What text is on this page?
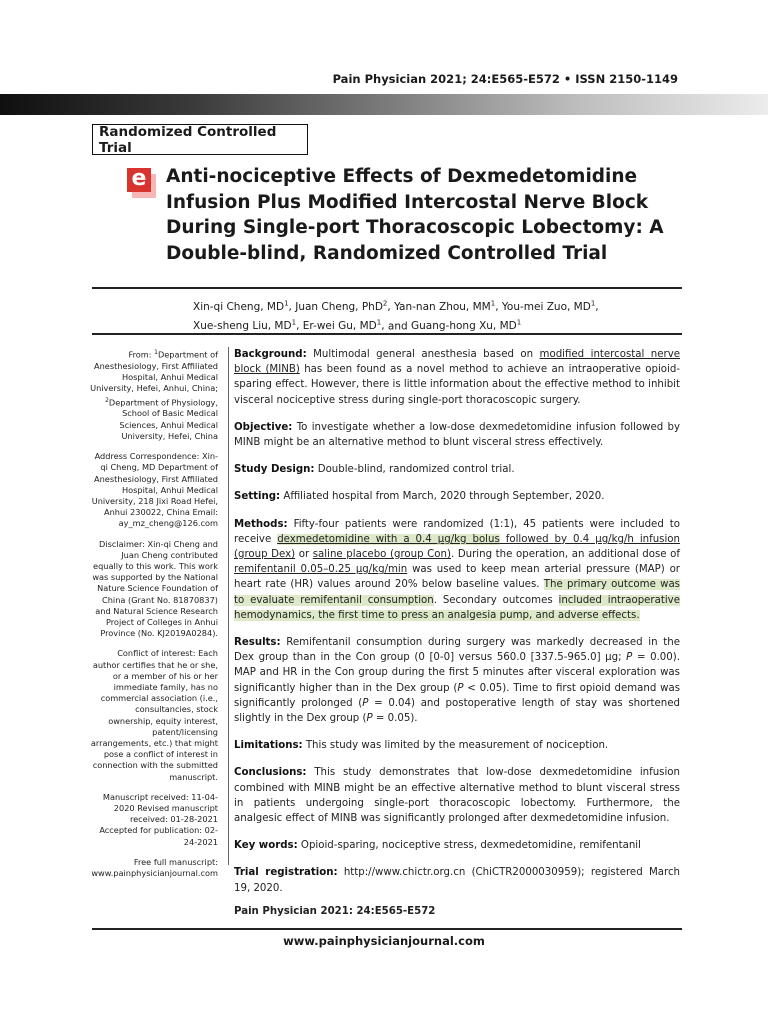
Pain Physician 2021; 24:E565-E572 • ISSN 2150-1149
Randomized Controlled Trial
e Anti-nociceptive Effects of Dexmedetomidine Infusion Plus Modified Intercostal Nerve Block During Single-port Thoracoscopic Lobectomy: A Double-blind, Randomized Controlled Trial
Xin-qi Cheng, $MD^1$, Juan Cheng, PhD$^2$, Yan-nan Zhou, $MM^1$, You-mei Zuo, $MD^1$,
Xue-sheng Liu, $MD^1$, Er-wei Gu, $MD^1$, and Guang-hong Xu, $MD^1$

From: $^1$Department of Anesthesiology, First Affiliated Hospital, Anhui Medical University, Hefei, Anhui, China; $^2$Department of Physiology, School of Basic Medical Sciences, Anhui Medical University, Hefei, China

Address Correspondence: Xin-qi Cheng, MD Department of Anesthesiology, First Affiliated Hospital, Anhui Medical University, 218 Jixi Road Hefei, Anhui 230022, China Email: ay_mz_cheng@126.com

Disclaimer: Xin-qi Cheng and Juan Cheng contributed equally to this work. This work was supported by the National Nature Science Foundation of China (Grant No. 81870837) and Natural Science Research Project of Colleges in Anhui Province (No. KJ2019A0284).

Conflict of interest: Each author certifies that he or she, or a member of his or her immediate family, has no commercial association (i.e., consultancies, stock ownership, equity interest, patent/licensing arrangements, etc.) that might pose a conflict of interest in connection with the submitted manuscript.

Manuscript received: 11-04-2020 Revised manuscript received: 01-28-2021 Accepted for publication: 02-24-2021

Free full manuscript: www.painphysicianjournal.com

Background: Multimodal general anesthesia based on modified intercostal nerve block (MINB) has been found as a novel method to achieve an intraoperative opioid-sparing effect. However, there is little information about the effective method to inhibit visceral nociceptive stress during single-port thoracoscopic surgery.

Objective: To investigate whether a low-dose dexmedetomidine infusion followed by MINB might be an alternative method to blunt visceral stress effectively.

Study Design: Double-blind, randomized control trial.

Setting: Affiliated hospital from March, 2020 through September, 2020.

Methods: Fifty-four patients were randomized (1:1), 45 patients were included to receive dexmedetomidine with a 0.4 μg/kg bolus followed by 0.4 μg/kg/h infusion (group Dex) or saline placebo (group Con). During the operation, an additional dose of remifentanil 0.05–0.25 μg/kg/min was used to keep mean arterial pressure (MAP) or heart rate (HR) values around 20% below baseline values. The primary outcome was to evaluate remifentanil consumption. Secondary outcomes included intraoperative hemodynamics, the first time to press an analgesia pump, and adverse effects.

Results: Remifentanil consumption during surgery was markedly decreased in the Dex group than in the Con group (0 [0-0] versus 560.0 [337.5-965.0] μg; P = 0.00). MAP and HR in the Con group during the first 5 minutes after visceral exploration was significantly higher than in the Dex group (P < 0.05). Time to first opioid demand was significantly prolonged (P = 0.04) and postoperative length of stay was shortened slightly in the Dex group (P = 0.05).

Limitations: This study was limited by the measurement of nociception.

Conclusions: This study demonstrates that low-dose dexmedetomidine infusion combined with MINB might be an effective alternative method to blunt visceral stress in patients undergoing single-port thoracoscopic lobectomy. Furthermore, the analgesic effect of MINB was significantly prolonged after dexmedetomidine infusion.

Key words: Opioid-sparing, nociceptive stress, dexmedetomidine, remifentanil

Trial registration: http://www.chictr.org.cn (ChiCTR2000030959); registered March 19, 2020.

Pain Physician 2021: 24:E565-E572

www.painphysicianjournal.com
